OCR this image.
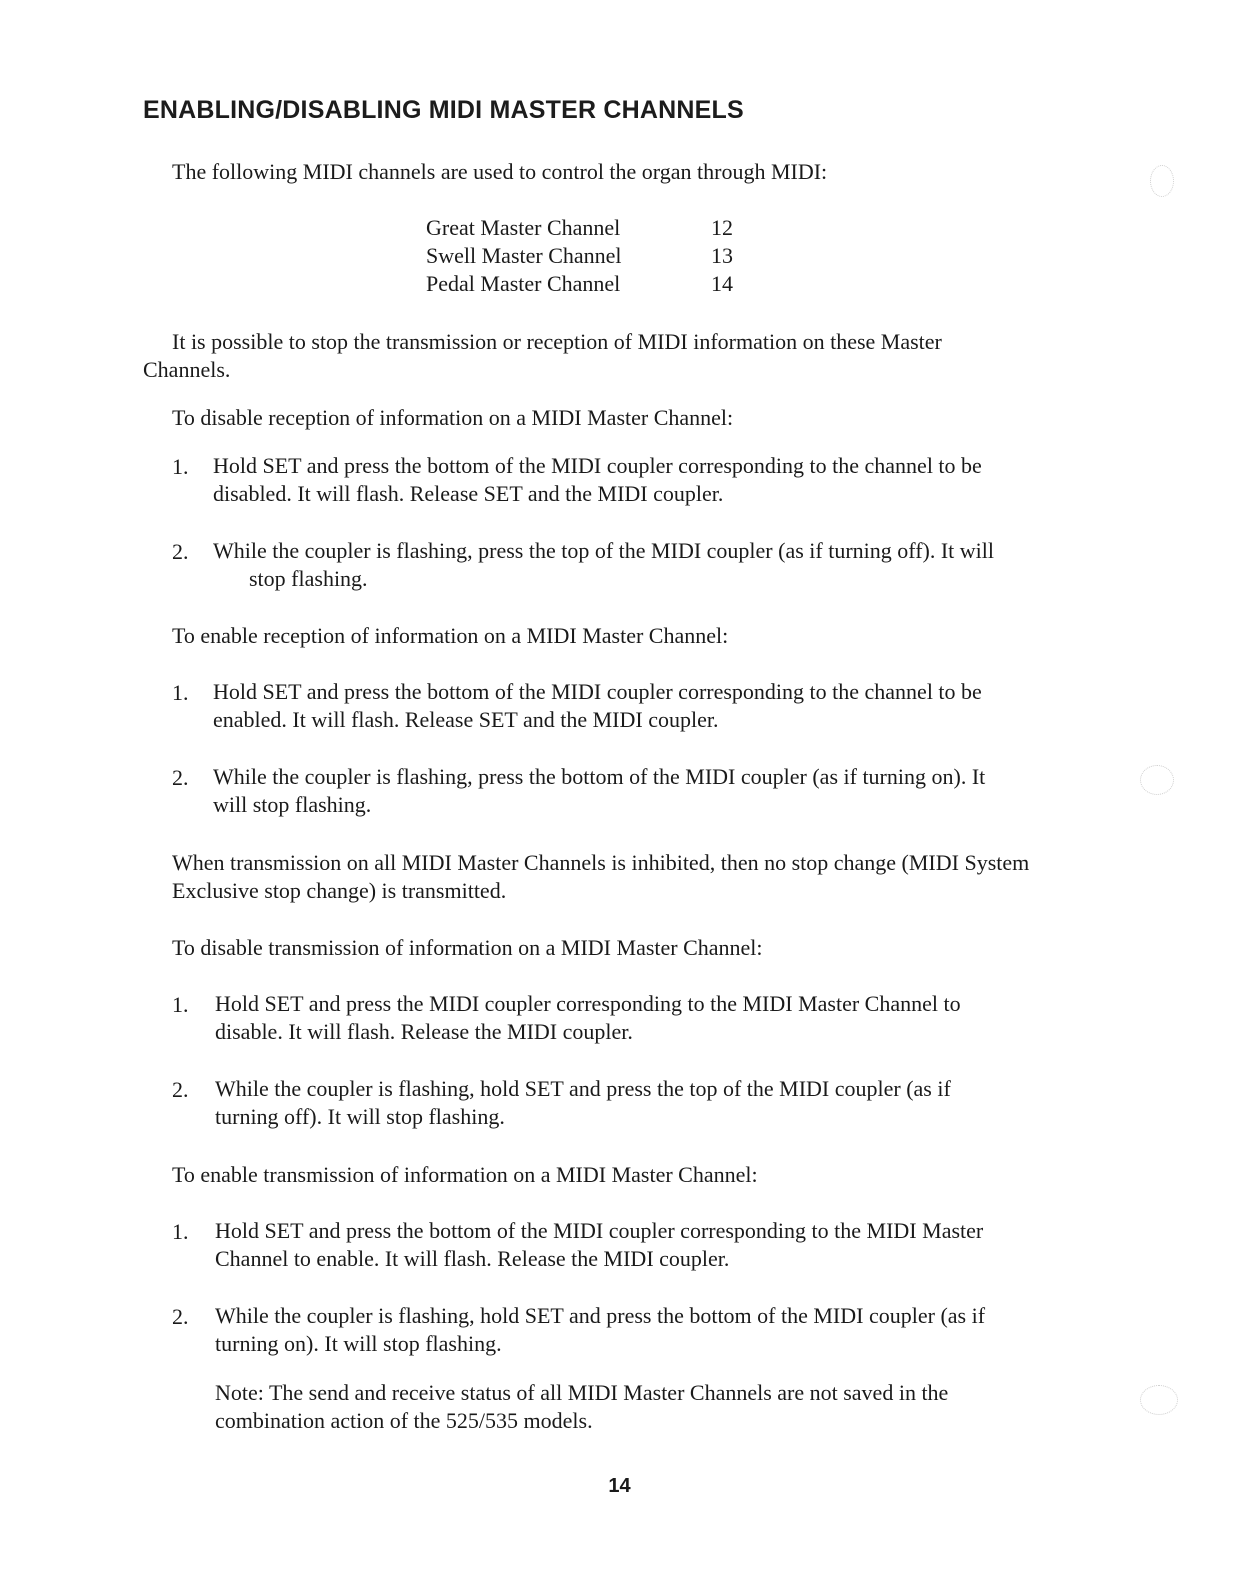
ENABLING/DISABLING MIDI MASTER CHANNELS

The following MIDI channels are used to control the organ through MIDI:

Great Master Channel	12
Swell Master Channel	13
Pedal Master Channel	14

It is possible to stop the transmission or reception of MIDI information on these Master

Channels.

To disable reception of information on a MIDI Master Channel:

1. Hold SET and press the bottom of the MIDI coupler corresponding to the channel to be
disabled. It will flash. Release SET and the MIDI coupler.
2. While the coupler is flashing, press the top of the MIDI coupler (as if turning off). It will
stop flashing.

To enable reception of information on a MIDI Master Channel:

1. Hold SET and press the bottom of the MIDI coupler corresponding to the channel to be
enabled. It will flash. Release SET and the MIDI coupler.
2. While the coupler is flashing, press the bottom of the MIDI coupler (as if turning on). It
will stop flashing.

When transmission on all MIDI Master Channels is inhibited, then no stop change (MIDI System

Exclusive stop change) is transmitted.

To disable transmission of information on a MIDI Master Channel:

1. Hold SET and press the MIDI coupler corresponding to the MIDI Master Channel to
disable. It will flash. Release the MIDI coupler.
2. While the coupler is flashing, hold SET and press the top of the MIDI coupler (as if
turning off). It will stop flashing.

To enable transmission of information on a MIDI Master Channel:

1. Hold SET and press the bottom of the MIDI coupler corresponding to the MIDI Master
Channel to enable. It will flash. Release the MIDI coupler.
2. While the coupler is flashing, hold SET and press the bottom of the MIDI coupler (as if
turning on). It will stop flashing.

Note: The send and receive status of all MIDI Master Channels are not saved in the

combination action of the 525/535 models.

14
